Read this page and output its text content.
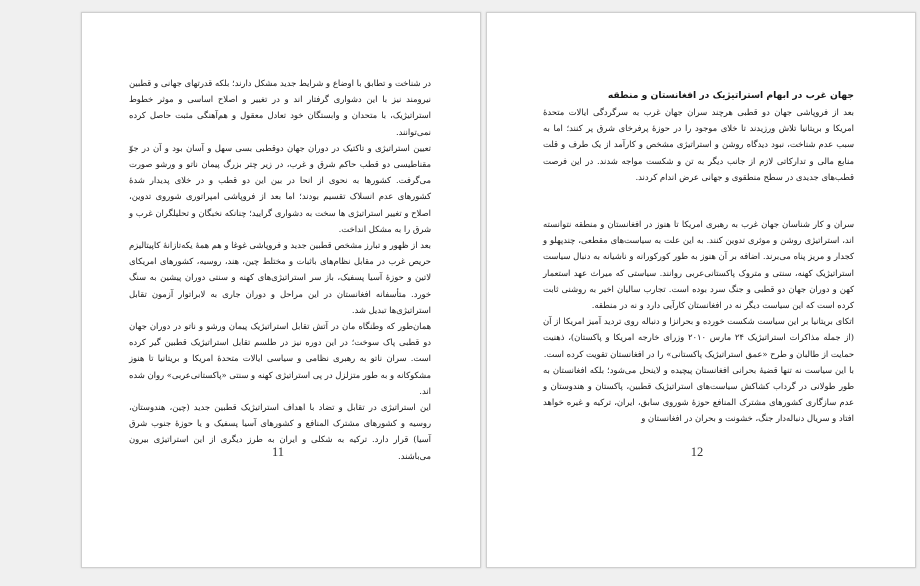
در شناخت و تطابق با اوضاع و شرایط جدید مشکل دارند؛ بلکه قدرتهای جهانی و قطبین نیرومند نیز با این دشواری گرفتار اند و در تغییر و اصلاح اساسی و موثر خطوط استراتیژیک، با متحدان و وابستگان خود تعادل معقول و هم‌آهنگی مثبت حاصل کرده نمی‌توانند.

تعیین استراتیژی و تاکتیک در دوران جهان دوقطبی بسی سهل و آسان بود و آن در جوّ مقناطیسی دو قطب حاکم شرق و غرب، در زیر چتر بزرگ پیمان ناتو و ورشو صورت می‌گرفت. کشورها به نحوی از انحا در بین این دو قطب و در خلای پدیدار شدهٔ کشورهای عدم انسلاک تقسیم بودند؛ اما بعد از فروپاشی امپراتوری شوروی تدوین، اصلاح و تغییر استراتیژی ها سخت به دشواری گرایید؛ چنانکه نخبگان و تحلیلگران غرب و شرق را به مشکل انداخت.

بعد از ظهور و تبارز مشخص قطبین جدید و فروپاشی غوغا و هم همهٔ یکه‌تازانهٔ کاپیتالیزم حریص غرب در مقابل نظام‌های باثبات و مختلط چین، هند، روسیه، کشورهای امریکای لاتین و حوزهٔ آسیا پسفیک، باز سر استراتیژی‌های کهنه و سنتی دوران پیشین به سنگ خورد. متأسفانه افغانستان در این مراحل و دوران جاری به لابراتوار آزمون تقابل استراتیژی‌ها تبدیل شد.

همان‌طور که وطنگاه مان در آتش تقابل استراتیژیک پیمان ورشو و ناتو در دوران جهان دو قطبی پاک سوخت؛ در این دوره نیز در طلسم تقابل استراتیژیک قطبین گیر کرده است. سران ناتو به رهبری نظامی و سیاسی ایالات متحدهٔ امریکا و بریتانیا تا هنوز مشکوکانه و به طور متزلزل در پی استراتیژی کهنه و سنتی «پاکستانی‌عربی» روان شده اند.

این استراتیژی در تقابل و تضاد با اهداف استراتیژیک قطبین جدید (چین، هندوستان، روسیه و کشورهای مشترک المنافع و کشورهای آسیا پسفیک و یا حوزهٔ جنوب شرق آسیا) قرار دارد. ترکیه به شکلی و ایران به طرز دیگری از این استراتیژی بیرون می‌باشند.

11

جهان غرب در ابهام استراتیژیک در افغانستان و منطقه

بعد از فروپاشی جهان دو قطبی هرچند سران جهان غرب به سرگردگی ایالات متحدهٔ امریکا و بریتانیا تلاش ورزیدند تا خلای موجود را در حوزهٔ پرفرخای شرق پر کنند؛ اما به سبب عدم شناخت، نبود دیدگاه روشن و استراتیژی مشخص و کارآمد از یک طرف و قلت منابع مالی و تدارکاتی لازم از جانب دیگر به تن و شکست مواجه شدند. در این فرصت قطب‌های جدیدی در سطح منطقوی و جهانی عرض اندام کردند.

سران و کار شناسان جهان غرب به رهبری امریکا تا هنوز در افغانستان و منطقه نتوانسته اند، استراتیژی روشن و موثری تدوین کنند. به این علت به سیاست‌های مقطعی، چندپهلو و کجدار و مریز پناه می‌برند. اضافه بر آن هنوز به طور کورکورانه و ناشیانه به دنبال سیاست استراتیژیک کهنه، سنتی و متروک پاکستانی‌عربی روانند. سیاستی که میراث عهد استعمار کهن و دوران جهان دو قطبی و جنگ سرد بوده است. تجارب سالیان اخیر به روشنی ثابت کرده است که این سیاست دیگر نه در افغانستان کارآیی دارد و نه در منطقه.

اتکای بریتانیا بر این سیاست شکست خورده و بحرانزا و دنباله روی تردید آمیز امریکا از آن (از جمله مذاکرات استراتیژیک ۲۴ مارس ۲۰۱۰ وزرای خارجه امریکا و پاکستان)، ذهنیت حمایت از طالبان و طرح «عمق استراتیژیک پاکستانی» را در افغانستان تقویت کرده است.

با این سیاست نه تنها قضیهٔ بحرانی افغانستان پیچیده و لاینحل می‌شود؛ بلکه افغانستان به طور طولانی در گرداب کشاکش سیاست‌های استراتیژیک قطبین، پاکستان و هندوستان و عدم سازگاری کشورهای مشترک المنافع حوزهٔ شوروی سابق، ایران، ترکیه و غیره خواهد افتاد و سریال دنباله‌دار جنگ، خشونت و بحران در افغانستان و

12
